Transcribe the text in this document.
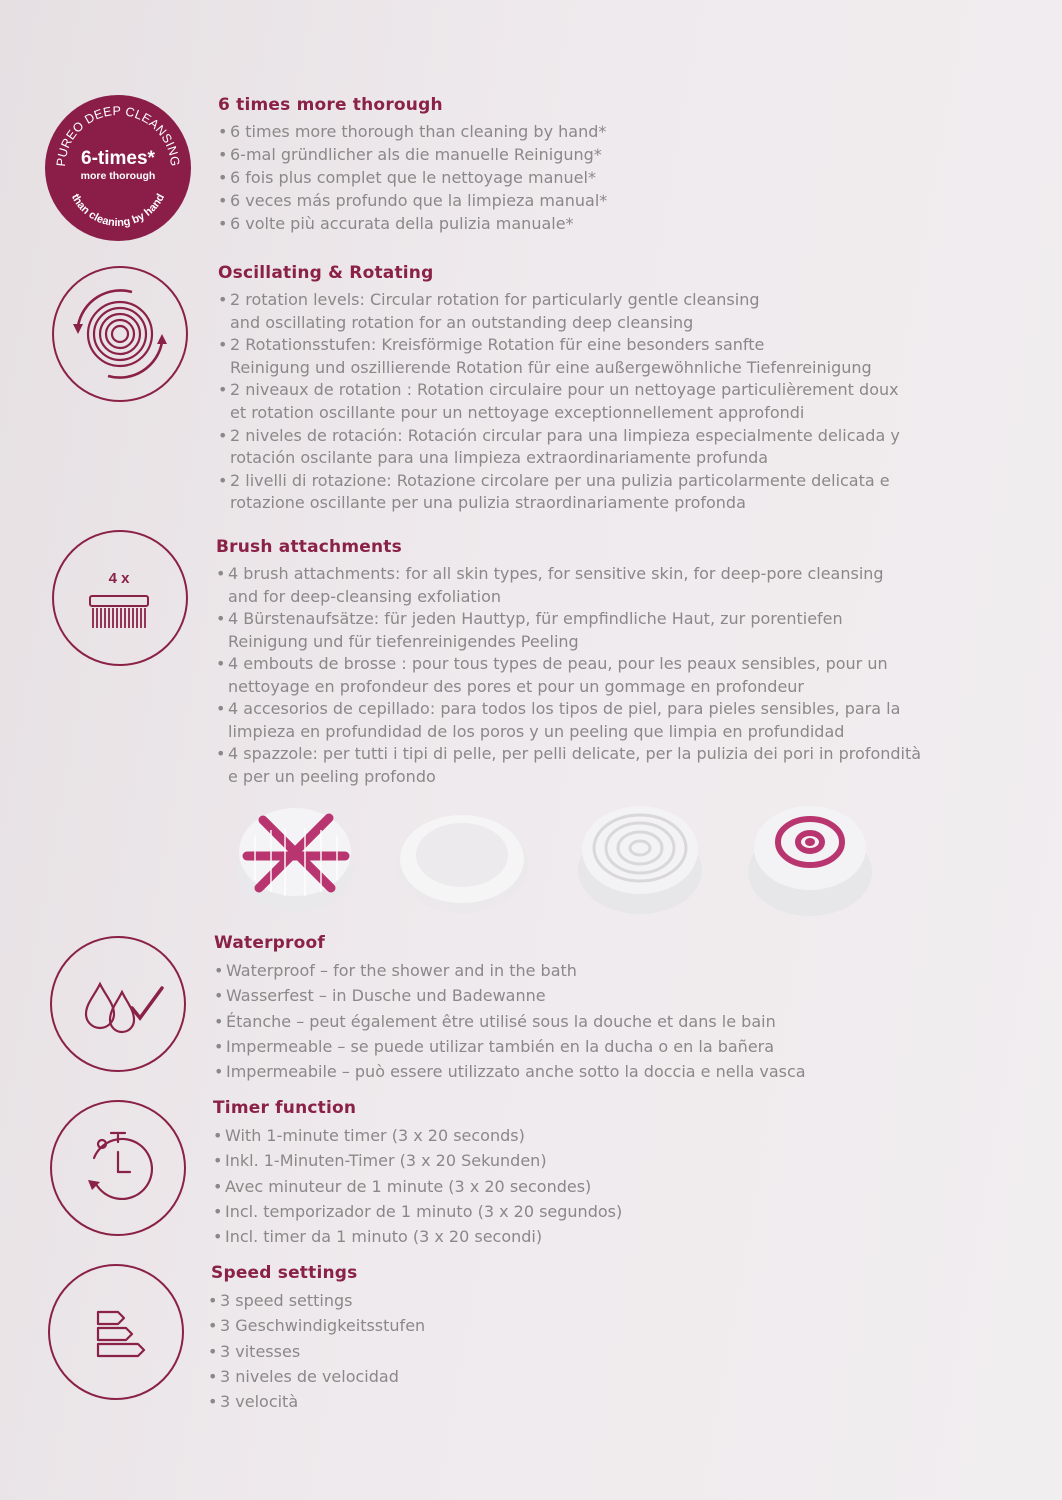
PUREO DEEP CLEANSING
than cleaning by hand
6-times*
more thorough
6 times more thorough
• 6 times more thorough than cleaning by hand*
• 6-mal gründlicher als die manuelle Reinigung*
• 6 fois plus complet que le nettoyage manuel*
• 6 veces más profundo que la limpieza manual*
• 6 volte più accurata della pulizia manuale*
Oscillating & Rotating
• 2 rotation levels: Circular rotation for particularly gentle cleansing
and oscillating rotation for an outstanding deep cleansing
• 2 Rotationsstufen: Kreisförmige Rotation für eine besonders sanfte
Reinigung und oszillierende Rotation für eine außergewöhnliche Tiefenreinigung
• 2 niveaux de rotation : Rotation circulaire pour un nettoyage particulièrement doux
et rotation oscillante pour un nettoyage exceptionnellement approfondi
• 2 niveles de rotación: Rotación circular para una limpieza especialmente delicada y
rotación oscilante para una limpieza extraordinariamente profunda
• 2 livelli di rotazione: Rotazione circolare per una pulizia particolarmente delicata e
rotazione oscillante per una pulizia straordinariamente profonda
4 x
Brush attachments
• 4 brush attachments: for all skin types, for sensitive skin, for deep-pore cleansing
and for deep-cleansing exfoliation
• 4 Bürstenaufsätze: für jeden Hauttyp, für empfindliche Haut, zur porentiefen
Reinigung und für tiefenreinigendes Peeling
• 4 embouts de brosse : pour tous types de peau, pour les peaux sensibles, pour un
nettoyage en profondeur des pores et pour un gommage en profondeur
• 4 accesorios de cepillado: para todos los tipos de piel, para pieles sensibles, para la
limpieza en profundidad de los poros y un peeling que limpia en profundidad
• 4 spazzole: per tutti i tipi di pelle, per pelli delicate, per la pulizia dei pori in profondità
e per un peeling profondo
Waterproof
• Waterproof – for the shower and in the bath
• Wasserfest – in Dusche und Badewanne
• Étanche – peut également être utilisé sous la douche et dans le bain
• Impermeable – se puede utilizar también en la ducha o en la bañera
• Impermeabile – può essere utilizzato anche sotto la doccia e nella vasca
Timer function
• With 1-minute timer (3 x 20 seconds)
• Inkl. 1-Minuten-Timer (3 x 20 Sekunden)
• Avec minuteur de 1 minute (3 x 20 secondes)
• Incl. temporizador de 1 minuto (3 x 20 segundos)
• Incl. timer da 1 minuto (3 x 20 secondi)
Speed settings
• 3 speed settings
• 3 Geschwindigkeitsstufen
• 3 vitesses
• 3 niveles de velocidad
• 3 velocità
